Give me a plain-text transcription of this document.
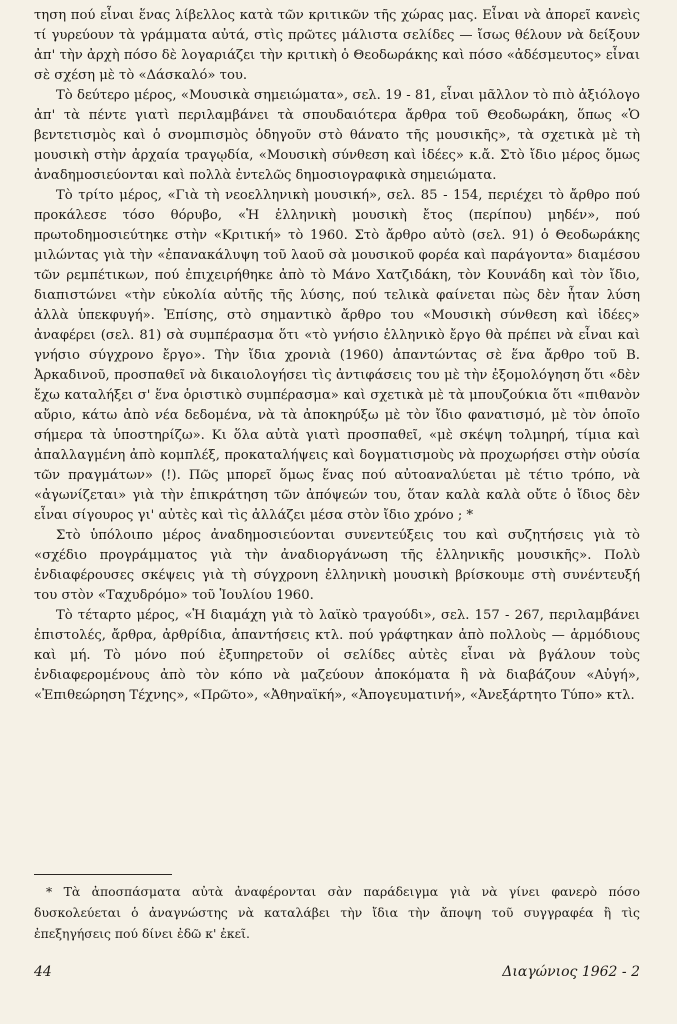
τηση πού εἶναι ἕνας λίβελλος κατὰ τῶν κριτικῶν τῆς χώρας μας. Εἶναι νὰ ἀπορεῖ κανεὶς τί γυρεύουν τὰ γράμματα αὐτά, στὶς πρῶτες μάλιστα σελίδες — ἴσως θέλουν νὰ δείξουν ἀπ' τὴν ἀρχὴ πόσο δὲ λογαριάζει τὴν κριτικὴ ὁ Θεοδωράκης καὶ πόσο «ἀδέσμευτος» εἶναι σὲ σχέση μὲ τὸ «Δάσκαλό» του.

Τὸ δεύτερο μέρος, «Μουσικὰ σημειώματα», σελ. 19 - 81, εἶναι μᾶλλον τὸ πιὸ ἀξιόλογο ἀπ' τὰ πέντε γιατὶ περιλαμβάνει τὰ σπουδαιότερα ἄρθρα τοῦ Θεοδωράκη, ὅπως «Ὁ βεντετισμὸς καὶ ὁ σνομπισμὸς ὁδηγοῦν στὸ θάνατο τῆς μουσικῆς», τὰ σχετικὰ μὲ τὴ μουσικὴ στὴν ἀρχαία τραγῳδία, «Μουσικὴ σύνθεση καὶ ἰδέες» κ.ἄ. Στὸ ἴδιο μέρος ὅμως ἀναδημοσιεύονται καὶ πολλὰ ἐντελῶς δημοσιογραφικὰ σημειώματα.

Τὸ τρίτο μέρος, «Γιὰ τὴ νεοελληνικὴ μουσική», σελ. 85 - 154, περιέχει τὸ ἄρθρο πού προκάλεσε τόσο θόρυβο, «Ἡ ἑλληνικὴ μουσικὴ ἔτος (περίπου) μηδέν», πού πρωτοδημοσιεύτηκε στὴν «Κριτική» τὸ 1960. Στὸ ἄρθρο αὐτὸ (σελ. 91) ὁ Θεοδωράκης μιλώντας γιὰ τὴν «ἐπανακάλυψη τοῦ λαοῦ σὰ μουσικοῦ φορέα καὶ παράγοντα» διαμέσου τῶν ρεμπέτικων, πού ἐπιχειρήθηκε ἀπὸ τὸ Μάνο Χατζιδάκη, τὸν Κουνάδη καὶ τὸν ἴδιο, διαπιστώνει «τὴν εὐκολία αὐτῆς τῆς λύσης, πού τελικὰ φαίνεται πὼς δὲν ἦταν λύση ἀλλὰ ὑπεκφυγή». Ἐπίσης, στὸ σημαντικὸ ἄρθρο του «Μουσικὴ σύνθεση καὶ ἰδέες» ἀναφέρει (σελ. 81) σὰ συμπέρασμα ὅτι «τὸ γνήσιο ἑλληνικὸ ἔργο θὰ πρέπει νὰ εἶναι καὶ γνήσιο σύγχρονο ἔργο». Τὴν ἴδια χρονιὰ (1960) ἀπαντώντας σὲ ἕνα ἄρθρο τοῦ Β. Ἀρκαδινοῦ, προσπαθεῖ νὰ δικαιολογήσει τὶς ἀντιφάσεις του μὲ τὴν ἐξομολόγηση ὅτι «δὲν ἔχω καταλήξει σ' ἕνα ὁριστικὸ συμπέρασμα» καὶ σχετικὰ μὲ τὰ μπουζούκια ὅτι «πιθανὸν αὔριο, κάτω ἀπὸ νέα δεδομένα, νὰ τὰ ἀποκηρύξω μὲ τὸν ἴδιο φανατισμό, μὲ τὸν ὁποῖο σήμερα τὰ ὑποστηρίζω». Κι ὅλα αὐτὰ γιατὶ προσπαθεῖ, «μὲ σκέψη τολμηρή, τίμια καὶ ἀπαλλαγμένη ἀπὸ κομπλέξ, προκαταλήψεις καὶ δογματισμοὺς νὰ προχωρήσει στὴν οὐσία τῶν πραγμάτων» (!). Πῶς μπορεῖ ὅμως ἕνας πού αὐτοαναλύεται μὲ τέτιο τρόπο, νὰ «ἀγωνίζεται» γιὰ τὴν ἐπικράτηση τῶν ἀπόψεών του, ὅταν καλὰ καλὰ οὔτε ὁ ἴδιος δὲν εἶναι σίγουρος γι' αὐτὲς καὶ τὶς ἀλλάζει μέσα στὸν ἴδιο χρόνο ; *

Στὸ ὑπόλοιπο μέρος ἀναδημοσιεύονται συνεντεύξεις του καὶ συζητήσεις γιὰ τὸ «σχέδιο προγράμματος γιὰ τὴν ἀναδιοργάνωση τῆς ἑλληνικῆς μουσικῆς». Πολὺ ἐνδιαφέρουσες σκέψεις γιὰ τὴ σύγχρονη ἑλληνικὴ μουσικὴ βρίσκουμε στὴ συνέντευξή του στὸν «Ταχυδρόμο» τοῦ Ἰουλίου 1960.

Τὸ τέταρτο μέρος, «Ἡ διαμάχη γιὰ τὸ λαϊκὸ τραγούδι», σελ. 157 - 267, περιλαμβάνει ἐπιστολές, ἄρθρα, ἀρθρίδια, ἀπαντήσεις κτλ. πού γράφτηκαν ἀπὸ πολλοὺς — ἁρμόδιους καὶ μή. Τὸ μόνο πού ἐξυπηρετοῦν οἱ σελίδες αὐτὲς εἶναι νὰ βγάλουν τοὺς ἐνδιαφερομένους ἀπὸ τὸν κόπο νὰ μαζεύουν ἀποκόματα ἢ νὰ διαβάζουν «Αὐγή», «Ἐπιθεώρηση Τέχνης», «Πρῶτο», «Ἀθηναϊκή», «Ἀπογευματινή», «Ἀνεξάρτητο Τύπο» κτλ.

* Τὰ ἀποσπάσματα αὐτὰ ἀναφέρονται σὰν παράδειγμα γιὰ νὰ γίνει φανερὸ πόσο δυσκολεύεται ὁ ἀναγνώστης νὰ καταλάβει τὴν ἴδια τὴν ἄποψη τοῦ συγγραφέα ἢ τὶς ἐπεξηγήσεις πού δίνει ἐδῶ κ' ἐκεῖ.

44	Διαγώνιος 1962 - 2
